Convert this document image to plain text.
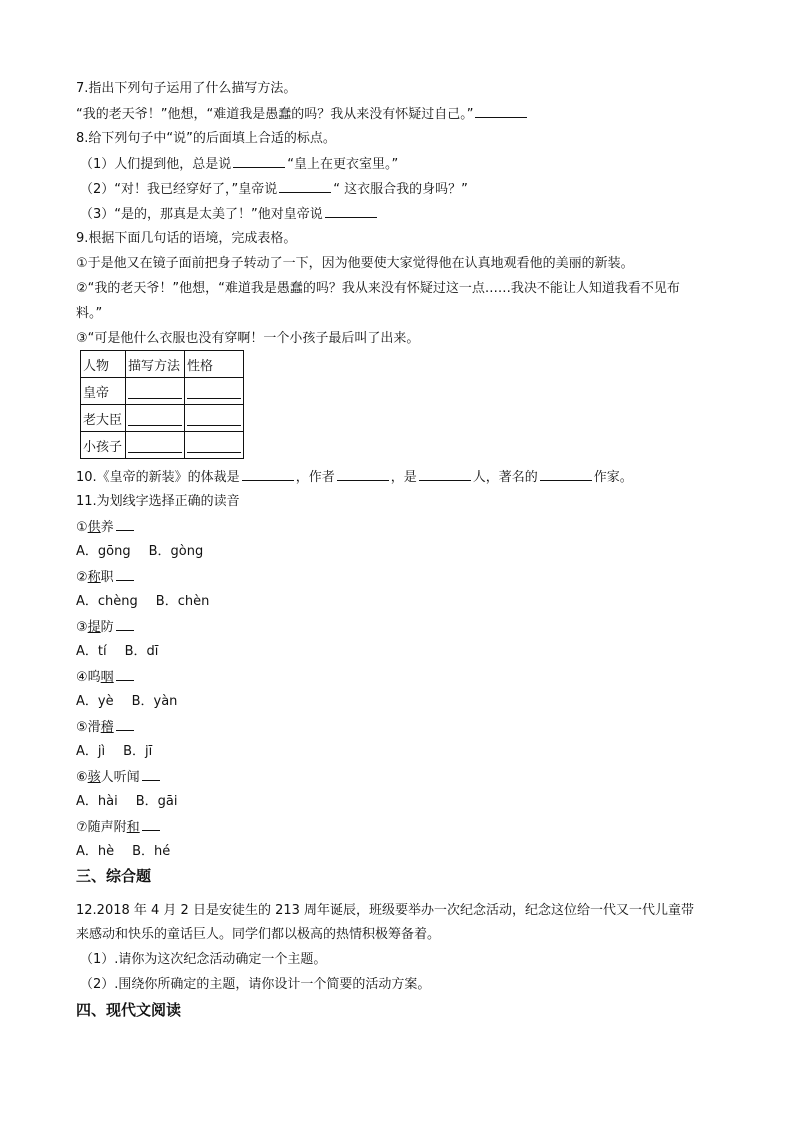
7.指出下列句子运用了什么描写方法。
“我的老天爷！”他想，“难道我是愚蠢的吗？我从来没有怀疑过自己。”
8.给下列句子中“说”的后面填上合适的标点。
（1）人们提到他，总是说	“皇上在更衣室里。”
（2）“对！我已经穿好了，”皇帝说	“ 这衣服合我的身吗？”
（3）“是的，那真是太美了！”他对皇帝说
9.根据下面几句话的语境，完成表格。
①于是他又在镜子面前把身子转动了一下，因为他要使大家觉得他在认真地观看他的美丽的新装。
②“我的老天爷！”他想，“难道我是愚蠢的吗？我从来没有怀疑过这一点……我决不能让人知道我看不见布
料。”
③“可是他什么衣服也没有穿啊！一个小孩子最后叫了出来。
人物	描写方法	性格
皇帝	

老大臣	

小孩子	

10.《皇帝的新装》的体裁是	，作者	，是	人，著名的	作家。
11.为划线字选择正确的读音
①供养
A．gōng B．gòng
②称职
A．chèng B．chèn
③提防
A．tí B．dī
④呜咽
A．yè B．yàn
⑤滑稽
A．jì B．jī
⑥骇人听闻
A．hài B．gāi
⑦随声附和
A．hè B．hé
三、综合题
12.2018 年 4 月 2 日是安徒生的 213 周年诞辰，班级要举办一次纪念活动，纪念这位给一代又一代儿童带
来感动和快乐的童话巨人。同学们都以极高的热情积极筹备着。
（1）.请你为这次纪念活动确定一个主题。
（2）.围绕你所确定的主题，请你设计一个简要的活动方案。
四、现代文阅读
